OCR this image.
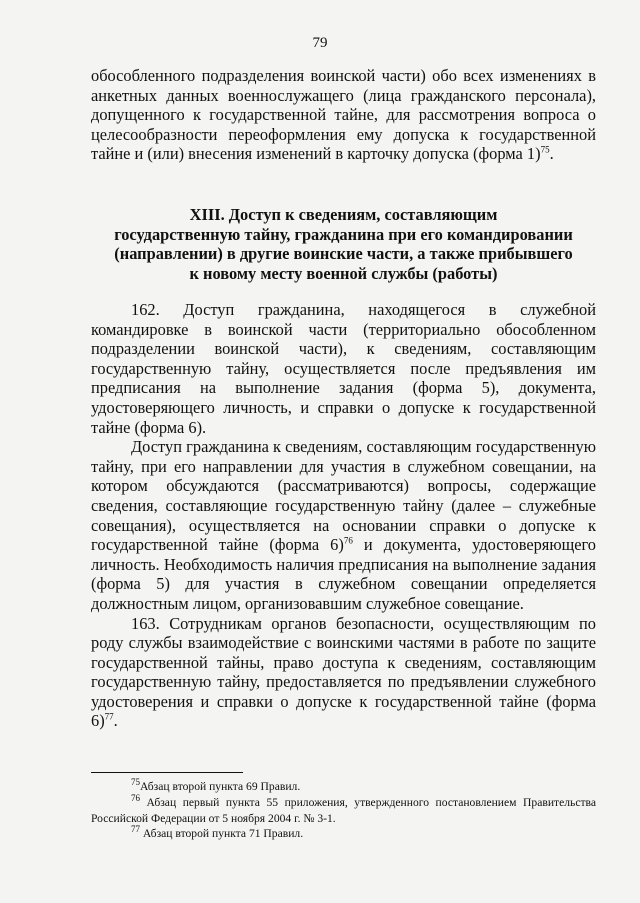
79

обособленного подразделения воинской части) обо всех изменениях в анкетных данных военнослужащего (лица гражданского персонала), допущенного к государственной тайне, для рассмотрения вопроса о целесообразности переоформления ему допуска к государственной тайне и (или) внесения изменений в карточку допуска (форма 1)$^{75}$.

XIII. Доступ к сведениям, составляющим
государственную тайну, гражданина при его командировании
(направлении) в другие воинские части, а также прибывшего
к новому месту военной службы (работы)

162. Доступ гражданина, находящегося в служебной командировке в воинской части (территориально обособленном подразделении воинской части), к сведениям, составляющим государственную тайну, осуществляется после предъявления им предписания на выполнение задания (форма 5), документа, удостоверяющего личность, и справки о допуске к государственной тайне (форма 6).

Доступ гражданина к сведениям, составляющим государственную тайну, при его направлении для участия в служебном совещании, на котором обсуждаются (рассматриваются) вопросы, содержащие сведения, составляющие государственную тайну (далее – служебные совещания), осуществляется на основании справки о допуске к государственной тайне (форма 6)$^{76}$ и документа, удостоверяющего личность. Необходимость наличия предписания на выполнение задания (форма 5) для участия в служебном совещании определяется должностным лицом, организовавшим служебное совещание.

163. Сотрудникам органов безопасности, осуществляющим по роду службы взаимодействие с воинскими частями в работе по защите государственной тайны, право доступа к сведениям, составляющим государственную тайну, предоставляется по предъявлении служебного удостоверения и справки о допуске к государственной тайне (форма 6)$^{77}$.

$^{75}$Абзац второй пункта 69 Правил.

$^{76}$ Абзац первый пункта 55 приложения, утвержденного постановлением Правительства Российской Федерации от 5 ноября 2004 г. № 3-1.

$^{77}$ Абзац второй пункта 71 Правил.
